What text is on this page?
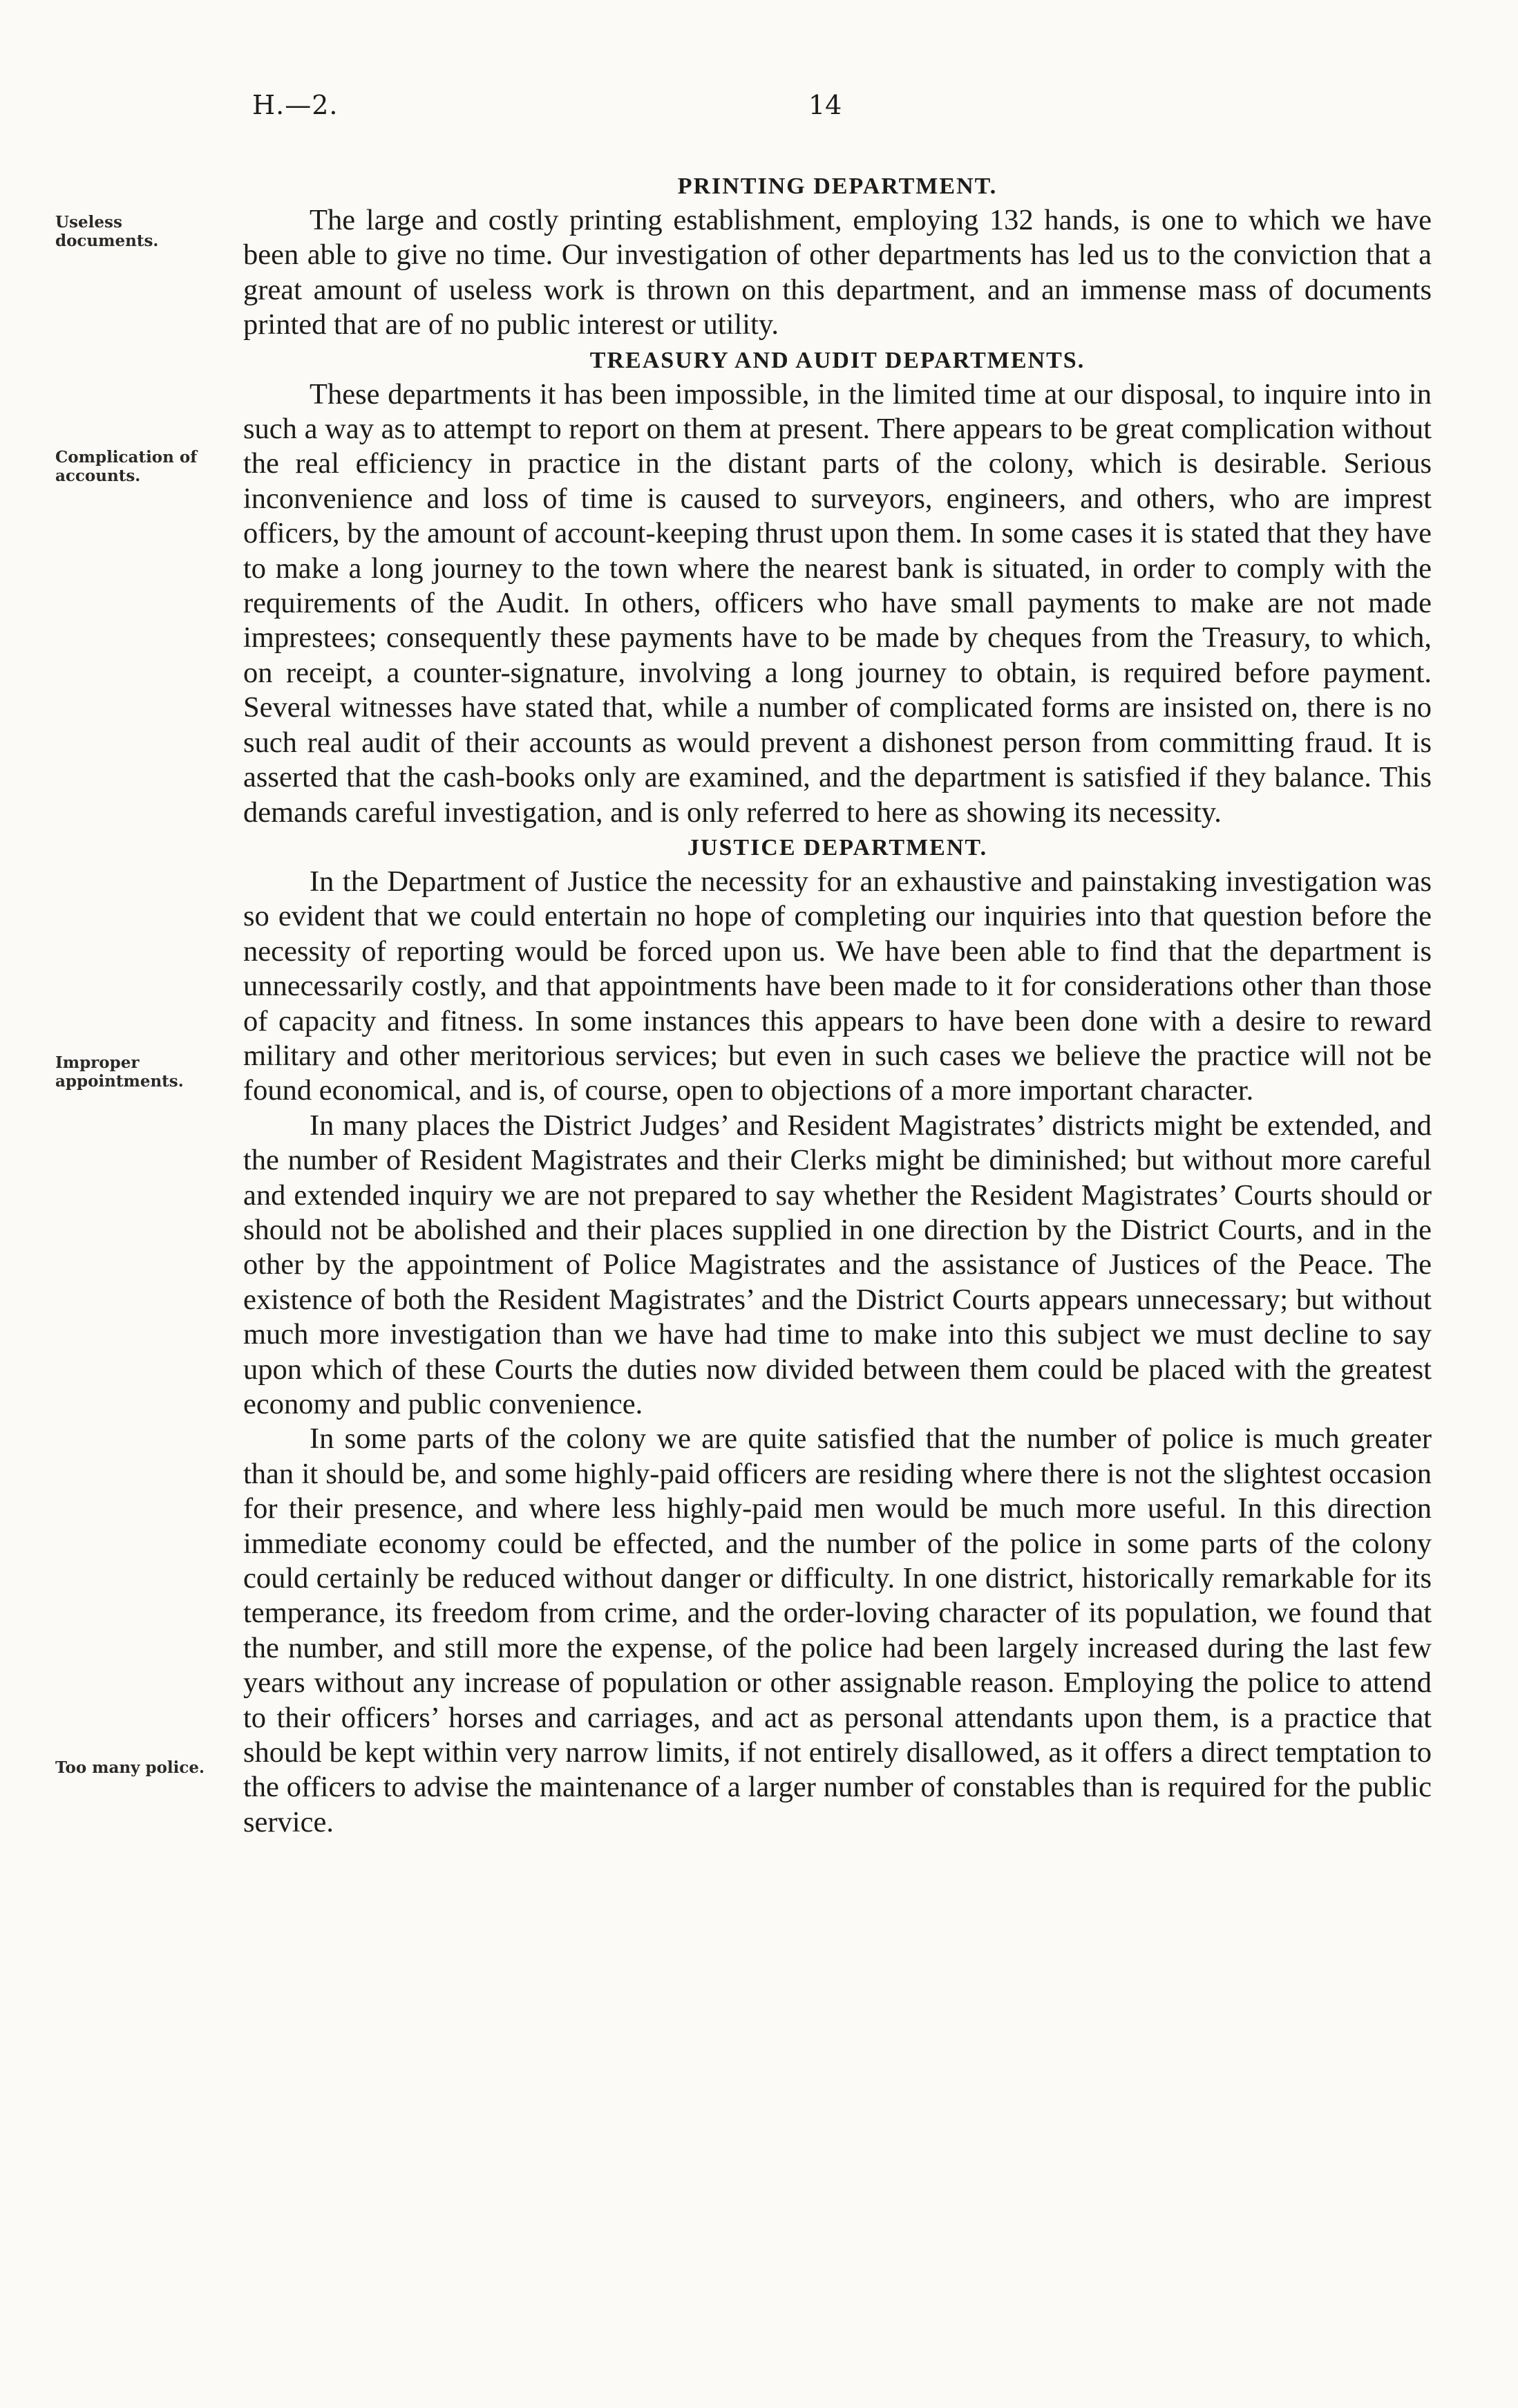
H.—2.	14
Useless documents.
Complication of accounts.
Improper appointments.
Too many police.
PRINTING DEPARTMENT.

The large and costly printing establishment, employing 132 hands, is one to which we have been able to give no time. Our investigation of other departments has led us to the conviction that a great amount of useless work is thrown on this department, and an immense mass of documents printed that are of no public interest or utility.

TREASURY AND AUDIT DEPARTMENTS.

These departments it has been impossible, in the limited time at our disposal, to inquire into in such a way as to attempt to report on them at present. There appears to be great complication without the real efficiency in practice in the distant parts of the colony, which is desirable. Serious inconvenience and loss of time is caused to surveyors, engineers, and others, who are imprest officers, by the amount of account-keeping thrust upon them. In some cases it is stated that they have to make a long journey to the town where the nearest bank is situated, in order to comply with the requirements of the Audit. In others, officers who have small payments to make are not made imprestees; consequently these payments have to be made by cheques from the Treasury, to which, on receipt, a counter-signature, involving a long journey to obtain, is required before payment. Several witnesses have stated that, while a number of complicated forms are insisted on, there is no such real audit of their accounts as would prevent a dishonest person from committing fraud. It is asserted that the cash-books only are examined, and the department is satisfied if they balance. This demands careful investigation, and is only referred to here as showing its necessity.

JUSTICE DEPARTMENT.

In the Department of Justice the necessity for an exhaustive and painstaking investigation was so evident that we could entertain no hope of completing our inquiries into that question before the necessity of reporting would be forced upon us. We have been able to find that the department is unnecessarily costly, and that appointments have been made to it for considerations other than those of capacity and fitness. In some instances this appears to have been done with a desire to reward military and other meritorious services; but even in such cases we believe the practice will not be found economical, and is, of course, open to objections of a more important character.

In many places the District Judges’ and Resident Magistrates’ districts might be extended, and the number of Resident Magistrates and their Clerks might be diminished; but without more careful and extended inquiry we are not prepared to say whether the Resident Magistrates’ Courts should or should not be abolished and their places supplied in one direction by the District Courts, and in the other by the appointment of Police Magistrates and the assistance of Justices of the Peace. The existence of both the Resident Magistrates’ and the District Courts appears unnecessary; but without much more investigation than we have had time to make into this subject we must decline to say upon which of these Courts the duties now divided between them could be placed with the greatest economy and public convenience.

In some parts of the colony we are quite satisfied that the number of police is much greater than it should be, and some highly-paid officers are residing where there is not the slightest occasion for their presence, and where less highly-paid men would be much more useful. In this direction immediate economy could be effected, and the number of the police in some parts of the colony could certainly be reduced without danger or difficulty. In one district, historically remarkable for its temperance, its freedom from crime, and the order-loving character of its population, we found that the number, and still more the expense, of the police had been largely increased during the last few years without any increase of population or other assignable reason. Employing the police to attend to their officers’ horses and carriages, and act as personal attendants upon them, is a practice that should be kept within very narrow limits, if not entirely disallowed, as it offers a direct temptation to the officers to advise the maintenance of a larger number of constables than is required for the public service.
